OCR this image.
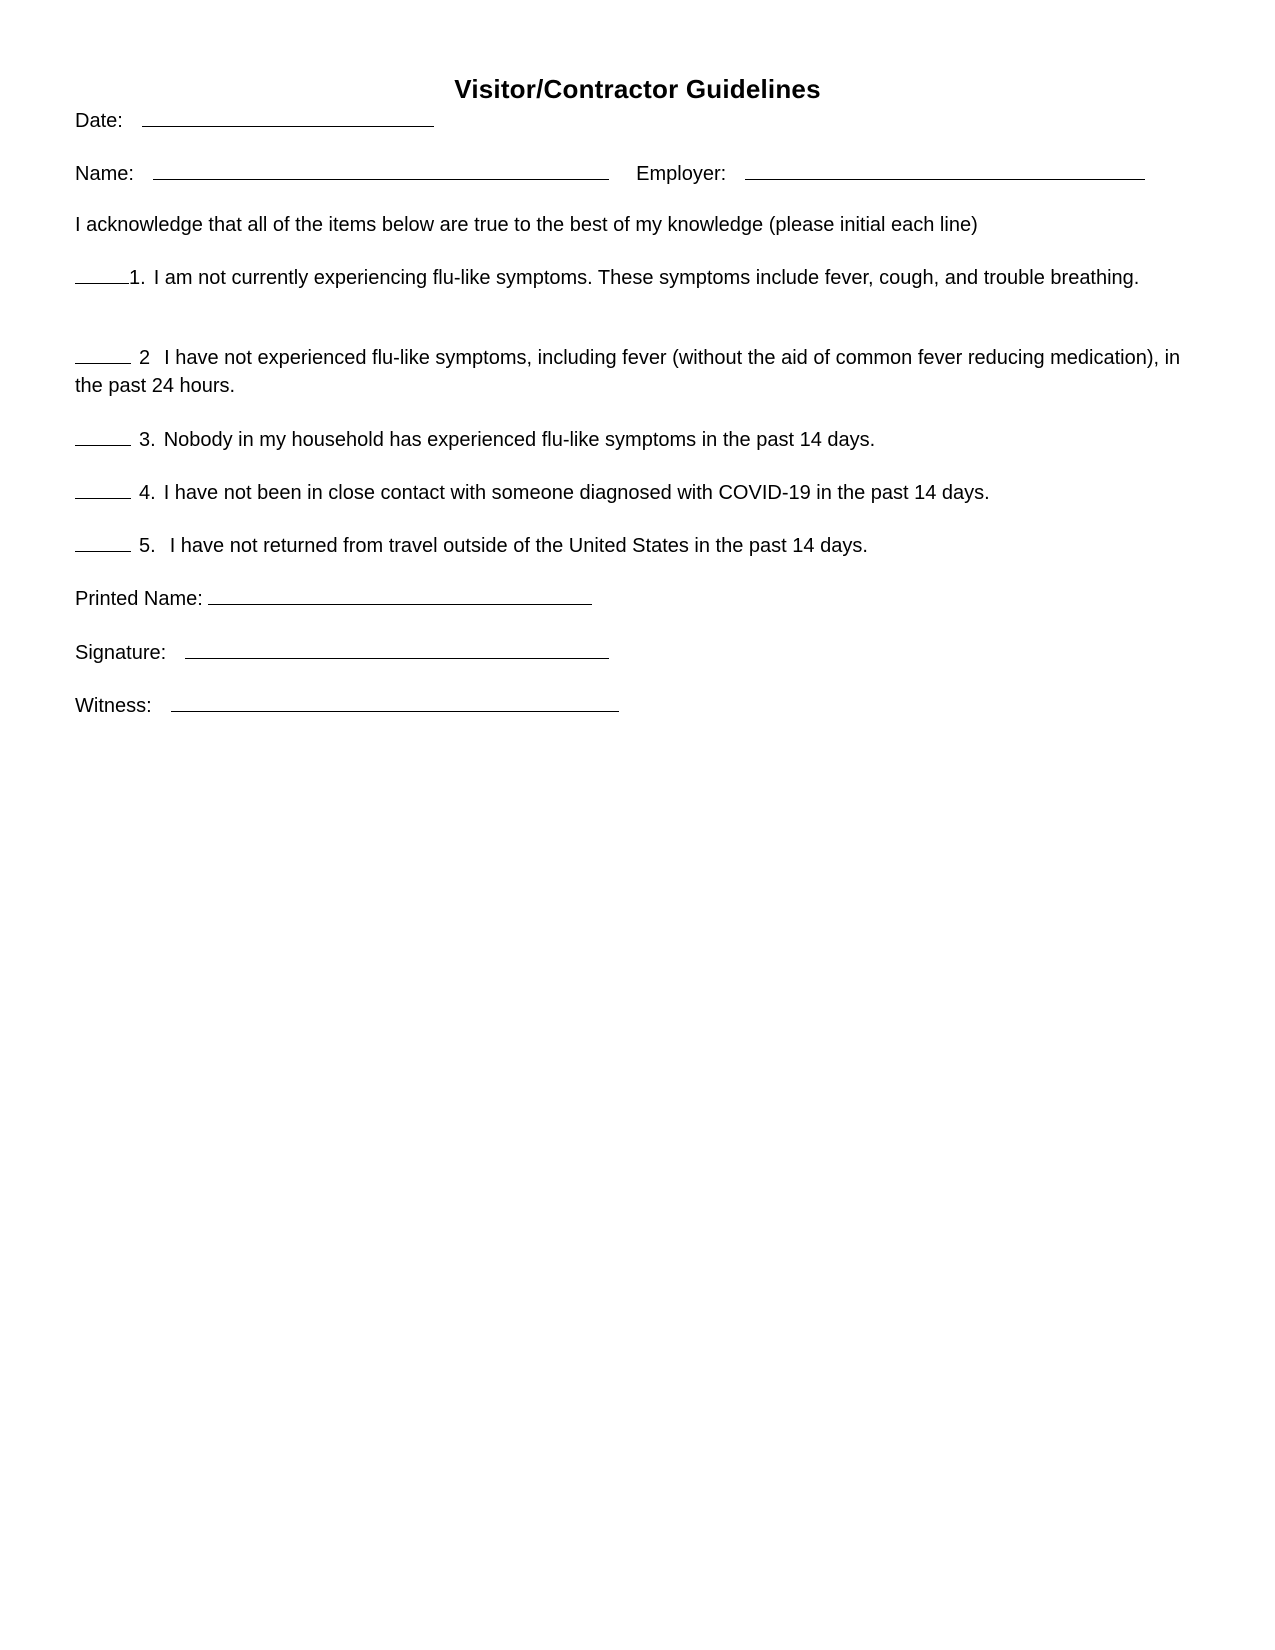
Visitor/Contractor Guidelines
Date:
Name:	Employer:
I acknowledge that all of the items below are true to the best of my knowledge (please initial each line)
1. I am not currently experiencing flu-like symptoms. These symptoms include fever, cough, and trouble breathing.
2 I have not experienced flu-like symptoms, including fever (without the aid of common fever reducing medication), in the past 24 hours.
3. Nobody in my household has experienced flu-like symptoms in the past 14 days.
4. I have not been in close contact with someone diagnosed with COVID-19 in the past 14 days.
5. I have not returned from travel outside of the United States in the past 14 days.
Printed Name:
Signature:
Witness:
